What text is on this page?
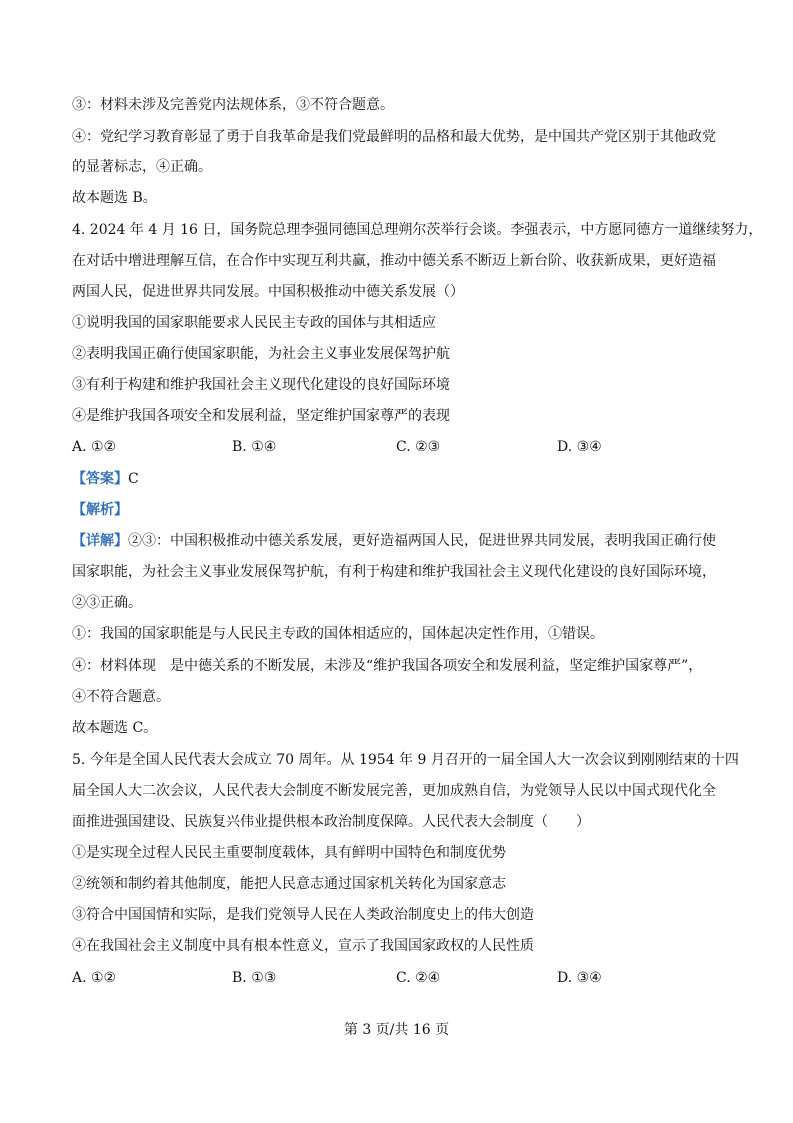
③：材料未涉及完善党内法规体系，③不符合题意。
④：党纪学习教育彰显了勇于自我革命是我们党最鲜明的品格和最大优势，是中国共产党区别于其他政党
的显著标志，④正确。
故本题选 B。
4. 2024 年 4 月 16 日，国务院总理李强同德国总理朔尔茨举行会谈。李强表示，中方愿同德方一道继续努力，
在对话中增进理解互信，在合作中实现互利共赢，推动中德关系不断迈上新台阶、收获新成果，更好造福
两国人民，促进世界共同发展。中国积极推动中德关系发展（）
①说明我国的国家职能要求人民民主专政的国体与其相适应
②表明我国正确行使国家职能，为社会主义事业发展保驾护航
③有利于构建和维护我国社会主义现代化建设的良好国际环境
④是维护我国各项安全和发展利益，坚定维护国家尊严的表现
A. ①②	B. ①④	C. ②③	D. ③④
【答案】C
【解析】
【详解】②③：中国积极推动中德关系发展，更好造福两国人民，促进世界共同发展，表明我国正确行使
国家职能，为社会主义事业发展保驾护航，有利于构建和维护我国社会主义现代化建设的良好国际环境，
②③正确。
①：我国的国家职能是与人民民主专政的国体相适应的，国体起决定性作用，①错误。
④：材料体现　是中德关系的不断发展，未涉及“维护我国各项安全和发展利益，坚定维护国家尊严”，
④不符合题意。
故本题选 C。
5. 今年是全国人民代表大会成立 70 周年。从 1954 年 9 月召开的一届全国人大一次会议到刚刚结束的十四
届全国人大二次会议，人民代表大会制度不断发展完善，更加成熟自信，为党领导人民以中国式现代化全
面推进强国建设、民族复兴伟业提供根本政治制度保障。人民代表大会制度（　　）
①是实现全过程人民民主重要制度载体，具有鲜明中国特色和制度优势
②统领和制约着其他制度，能把人民意志通过国家机关转化为国家意志
③符合中国国情和实际，是我们党领导人民在人类政治制度史上的伟大创造
④在我国社会主义制度中具有根本性意义，宣示了我国国家政权的人民性质
A. ①②	B. ①③	C. ②④	D. ③④
第 3 页/共 16 页
